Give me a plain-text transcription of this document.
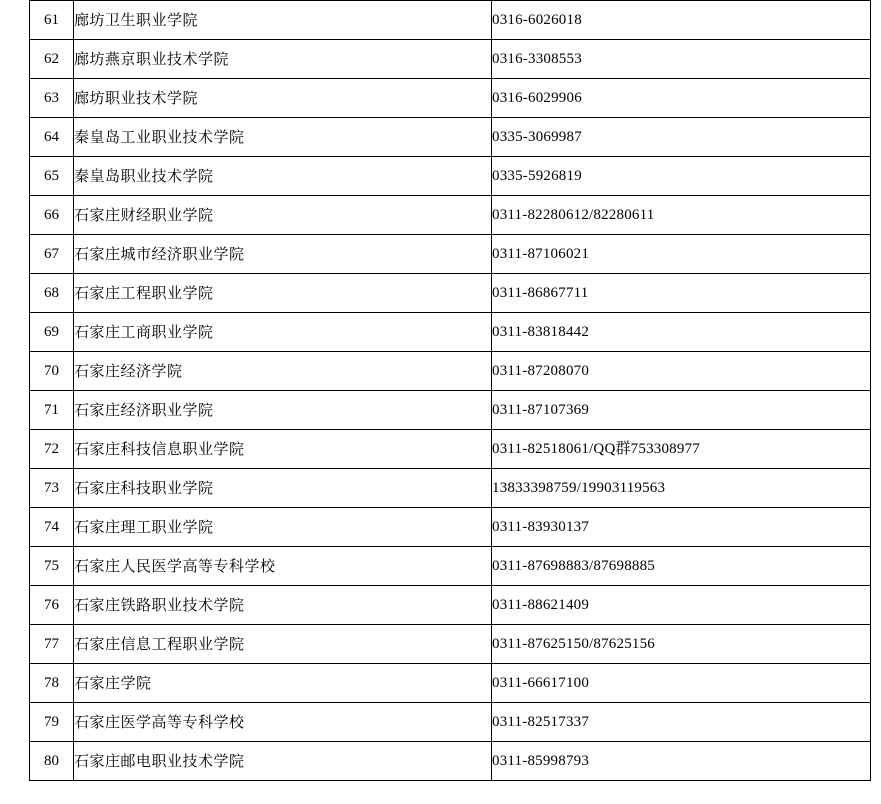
61	廊坊卫生职业学院	0316-6026018
62	廊坊燕京职业技术学院	0316-3308553
63	廊坊职业技术学院	0316-6029906
64	秦皇岛工业职业技术学院	0335-3069987
65	秦皇岛职业技术学院	0335-5926819
66	石家庄财经职业学院	0311-82280612/82280611
67	石家庄城市经济职业学院	0311-87106021
68	石家庄工程职业学院	0311-86867711
69	石家庄工商职业学院	0311-83818442
70	石家庄经济学院	0311-87208070
71	石家庄经济职业学院	0311-87107369
72	石家庄科技信息职业学院	0311-82518061/QQ群753308977
73	石家庄科技职业学院	13833398759/19903119563
74	石家庄理工职业学院	0311-83930137
75	石家庄人民医学高等专科学校	0311-87698883/87698885
76	石家庄铁路职业技术学院	0311-88621409
77	石家庄信息工程职业学院	0311-87625150/87625156
78	石家庄学院	0311-66617100
79	石家庄医学高等专科学校	0311-82517337
80	石家庄邮电职业技术学院	0311-85998793
